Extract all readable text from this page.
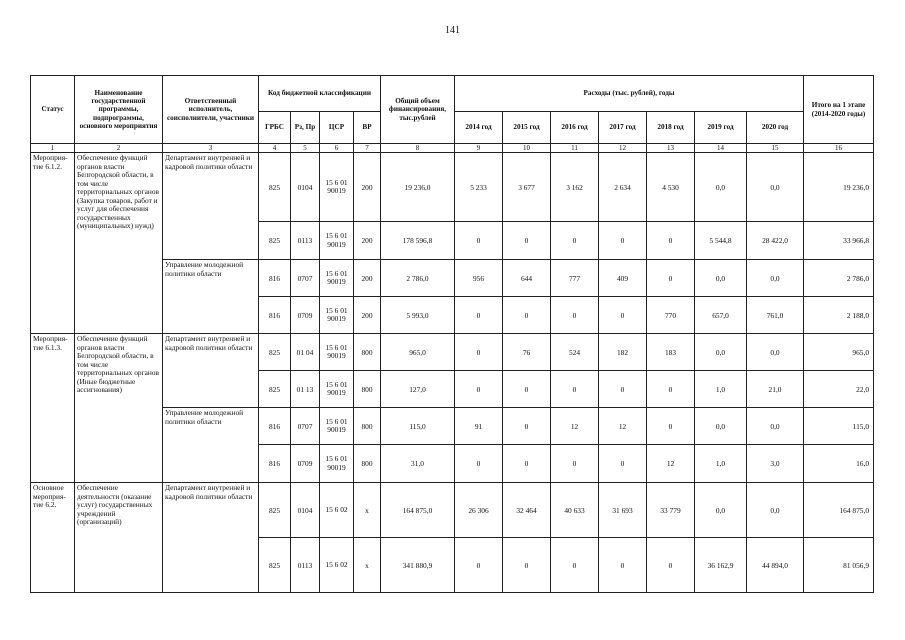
141
Статус	Наименование государственной программы, подпрограммы, основного мероприятия	Ответственный исполнитель, соисполнители, участники	Код бюджетной классификации				Общий объем финансирования, тыс.рублей	Расходы (тыс. рублей), годы							Итого на 1 этапе (2014-2020 годы)
			ГРБС	Рз, Пр	ЦСР	ВР		2014 год	2015 год	2016 год	2017 год	2018 год	2019 год	2020 год	
1	2	3	4	5	6	7	8	9	10	11	12	13	14	15	16
Мероприя-тие 6.1.2.	Обеспечение функций органов власти Белгородской области, в том числе территориальных органов (Закупка товаров, работ и услуг для обеспечения государственных (муниципальных) нужд)	Департамент внутренней и кадровой политики области	825	0104	15 6 01 90019	200	19 236,0	5 233	3 677	3 162	2 634	4 530	0,0	0,0	19 236,0
			825	0113	15 6 01 90019	200	178 596,8	0	0	0	0	0	5 544,8	28 422,0	33 966,8
		Управление молодежной политики области	816	0707	15 6 01 90019	200	2 786,0	956	644	777	409	0	0,0	0,0	2 786,0
			816	0709	15 6 01 90019	200	5 993,0	0	0	0	0	770	657,0	761,0	2 188,0
Мероприя-тие 6.1.3.	Обеспечение функций органов власти Белгородской области, в том числе территориальных органов (Иные бюджетные ассигнования)	Департамент внутренней и кадровой политики области	825	01 04	15 6 01 90019	800	965,0	0	76	524	182	183	0,0	0,0	965,0
			825	01 13	15 6 01 90019	800	127,0	0	0	0	0	0	1,0	21,0	22,0
		Управление молодежной политики области	816	0707	15 6 01 90019	800	115,0	91	0	12	12	0	0,0	0,0	115,0
			816	0709	15 6 01 90019	800	31,0	0	0	0	0	12	1,0	3,0	16,0
Основное мероприя-тие 6.2.	Обеспечение деятельности (оказание услуг) государственных учреждений (организаций)	Департамент внутренней и кадровой политики области	825	0104	15 6 02	х	164 875,0	26 306	32 464	40 633	31 693	33 779	0,0	0,0	164 875,0
			825	0113	15 6 02	х	341 880,9	0	0	0	0	0	36 162,9	44 894,0	81 056,9
